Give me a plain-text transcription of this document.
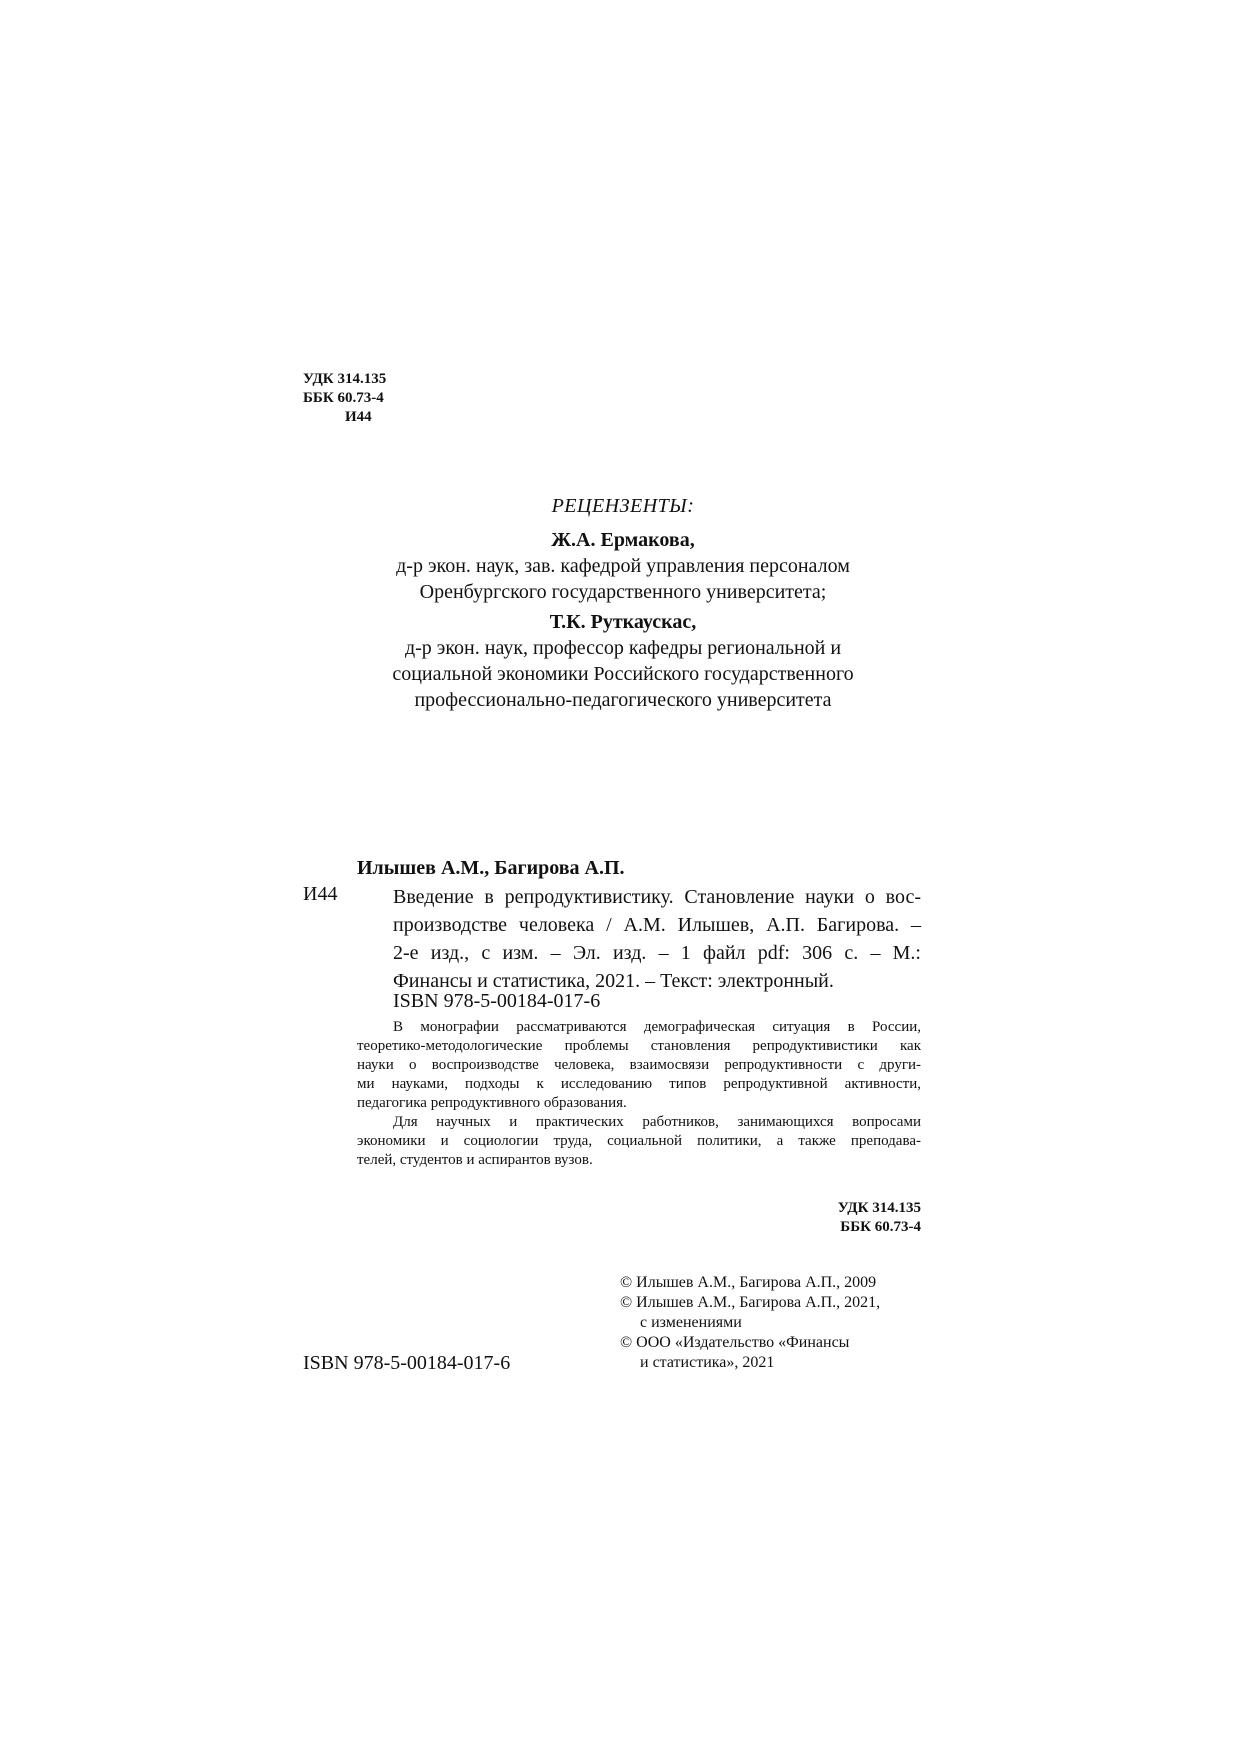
УДК 314.135
ББК 60.73-4
И44
РЕЦЕНЗЕНТЫ:
Ж.А. Ермакова,
д-р экон. наук, зав. кафедрой управления персоналом
Оренбургского государственного университета;
Т.К. Руткаускас,
д-р экон. наук, профессор кафедры региональной и
социальной экономики Российского государственного
профессионально-педагогического университета
Илышев А.М., Багирова А.П.
И44	Введение в репродуктивистику. Становление науки о вос-
производстве человека / А.М. Илышев, А.П. Багирова. –
2-е изд., с изм. – Эл. изд. – 1 файл pdf: 306 с. – М.:
Финансы и статистика, 2021. – Текст: электронный.
ISBN 978-5-00184-017-6
В монографии рассматриваются демографическая ситуация в России,
теоретико-методологические проблемы становления репродуктивистики как
науки о воспроизводстве человека, взаимосвязи репродуктивности с други-
ми науками, подходы к исследованию типов репродуктивной активности,
педагогика репродуктивного образования.
Для научных и практических работников, занимающихся вопросами
экономики и социологии труда, социальной политики, а также преподава-
телей, студентов и аспирантов вузов.
УДК 314.135
ББК 60.73-4
© Илышев А.М., Багирова А.П., 2009
© Илышев А.М., Багирова А.П., 2021,
с изменениями
© ООО «Издательство «Финансы
и статистика», 2021
ISBN 978-5-00184-017-6
